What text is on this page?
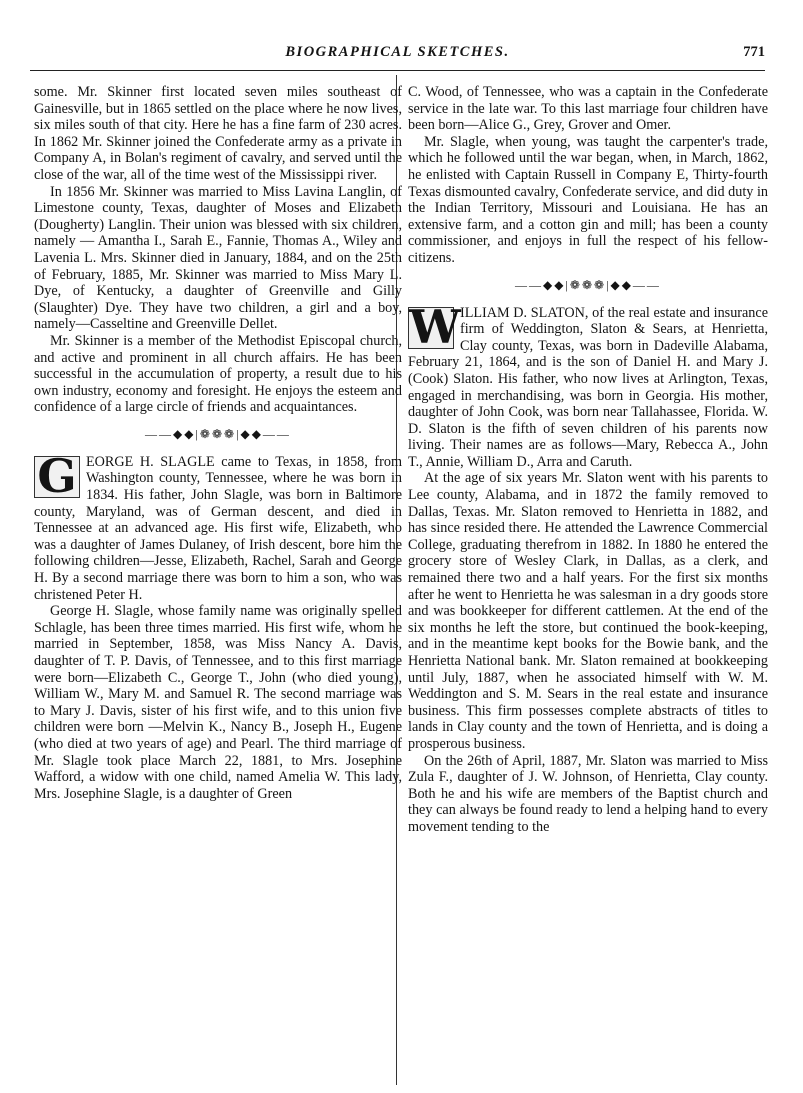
BIOGRAPHICAL SKETCHES.	771

some. Mr. Skinner first located seven miles southeast of Gainesville, but in 1865 settled on the place where he now lives, six miles south of that city. Here he has a fine farm of 230 acres. In 1862 Mr. Skinner joined the Confederate army as a private in Company A, in Bolan's regiment of cavalry, and served until the close of the war, all of the time west of the Mississippi river.

In 1856 Mr. Skinner was married to Miss Lavina Langlin, of Limestone county, Texas, daughter of Moses and Elizabeth (Dougherty) Langlin. Their union was blessed with six children, namely — Amantha I., Sarah E., Fannie, Thomas A., Wiley and Lavenia L. Mrs. Skinner died in January, 1884, and on the 25th of February, 1885, Mr. Skinner was married to Miss Mary L. Dye, of Kentucky, a daughter of Greenville and Gilly (Slaughter) Dye. They have two children, a girl and a boy, namely—Casseltine and Greenville Dellet.

Mr. Skinner is a member of the Methodist Episcopal church, and active and prominent in all church affairs. He has been successful in the accumulation of property, a result due to his own industry, economy and foresight. He enjoys the esteem and confidence of a large circle of friends and acquaintances.

——◆◆|❁❁❁|◆◆——
G EORGE H. SLAGLE came to Texas, in 1858, from Washington county, Tennessee, where he was born in 1834. His father, John Slagle, was born in Baltimore county, Maryland, was of German descent, and died in Tennessee at an advanced age. His first wife, Elizabeth, who was a daughter of James Dulaney, of Irish descent, bore him the following children—Jesse, Elizabeth, Rachel, Sarah and George H. By a second marriage there was born to him a son, who was christened Peter H.

George H. Slagle, whose family name was originally spelled Schlagle, has been three times married. His first wife, whom he married in September, 1858, was Miss Nancy A. Davis, daughter of T. P. Davis, of Tennessee, and to this first marriage were born—Elizabeth C., George T., John (who died young), William W., Mary M. and Samuel R. The second marriage was to Mary J. Davis, sister of his first wife, and to this union five children were born —Melvin K., Nancy B., Joseph H., Eugene (who died at two years of age) and Pearl. The third marriage of Mr. Slagle took place March 22, 1881, to Mrs. Josephine Wafford, a widow with one child, named Amelia W. This lady, Mrs. Josephine Slagle, is a daughter of Green

C. Wood, of Tennessee, who was a captain in the Confederate service in the late war. To this last marriage four children have been born—Alice G., Grey, Grover and Omer.

Mr. Slagle, when young, was taught the carpenter's trade, which he followed until the war began, when, in March, 1862, he enlisted with Captain Russell in Company E, Thirty-fourth Texas dismounted cavalry, Confederate service, and did duty in the Indian Territory, Missouri and Louisiana. He has an extensive farm, and a cotton gin and mill; has been a county commissioner, and enjoys in full the respect of his fellow-citizens.

——◆◆|❁❁❁|◆◆——
W ILLIAM D. SLATON, of the real estate and insurance firm of Weddington, Slaton & Sears, at Henrietta, Clay county, Texas, was born in Dadeville Alabama, February 21, 1864, and is the son of Daniel H. and Mary J. (Cook) Slaton. His father, who now lives at Arlington, Texas, engaged in merchandising, was born in Georgia. His mother, daughter of John Cook, was born near Tallahassee, Florida. W. D. Slaton is the fifth of seven children of his parents now living. Their names are as follows—Mary, Rebecca A., John T., Annie, William D., Arra and Caruth.

At the age of six years Mr. Slaton went with his parents to Lee county, Alabama, and in 1872 the family removed to Dallas, Texas. Mr. Slaton removed to Henrietta in 1882, and has since resided there. He attended the Lawrence Commercial College, graduating therefrom in 1882. In 1880 he entered the grocery store of Wesley Clark, in Dallas, as a clerk, and remained there two and a half years. For the first six months after he went to Henrietta he was salesman in a dry goods store and was bookkeeper for different cattlemen. At the end of the six months he left the store, but continued the book-keeping, and in the meantime kept books for the Bowie bank, and the Henrietta National bank. Mr. Slaton remained at bookkeeping until July, 1887, when he associated himself with W. M. Weddington and S. M. Sears in the real estate and insurance business. This firm possesses complete abstracts of titles to lands in Clay county and the town of Henrietta, and is doing a prosperous business.

On the 26th of April, 1887, Mr. Slaton was married to Miss Zula F., daughter of J. W. Johnson, of Henrietta, Clay county. Both he and his wife are members of the Baptist church and they can always be found ready to lend a helping hand to every movement tending to the
